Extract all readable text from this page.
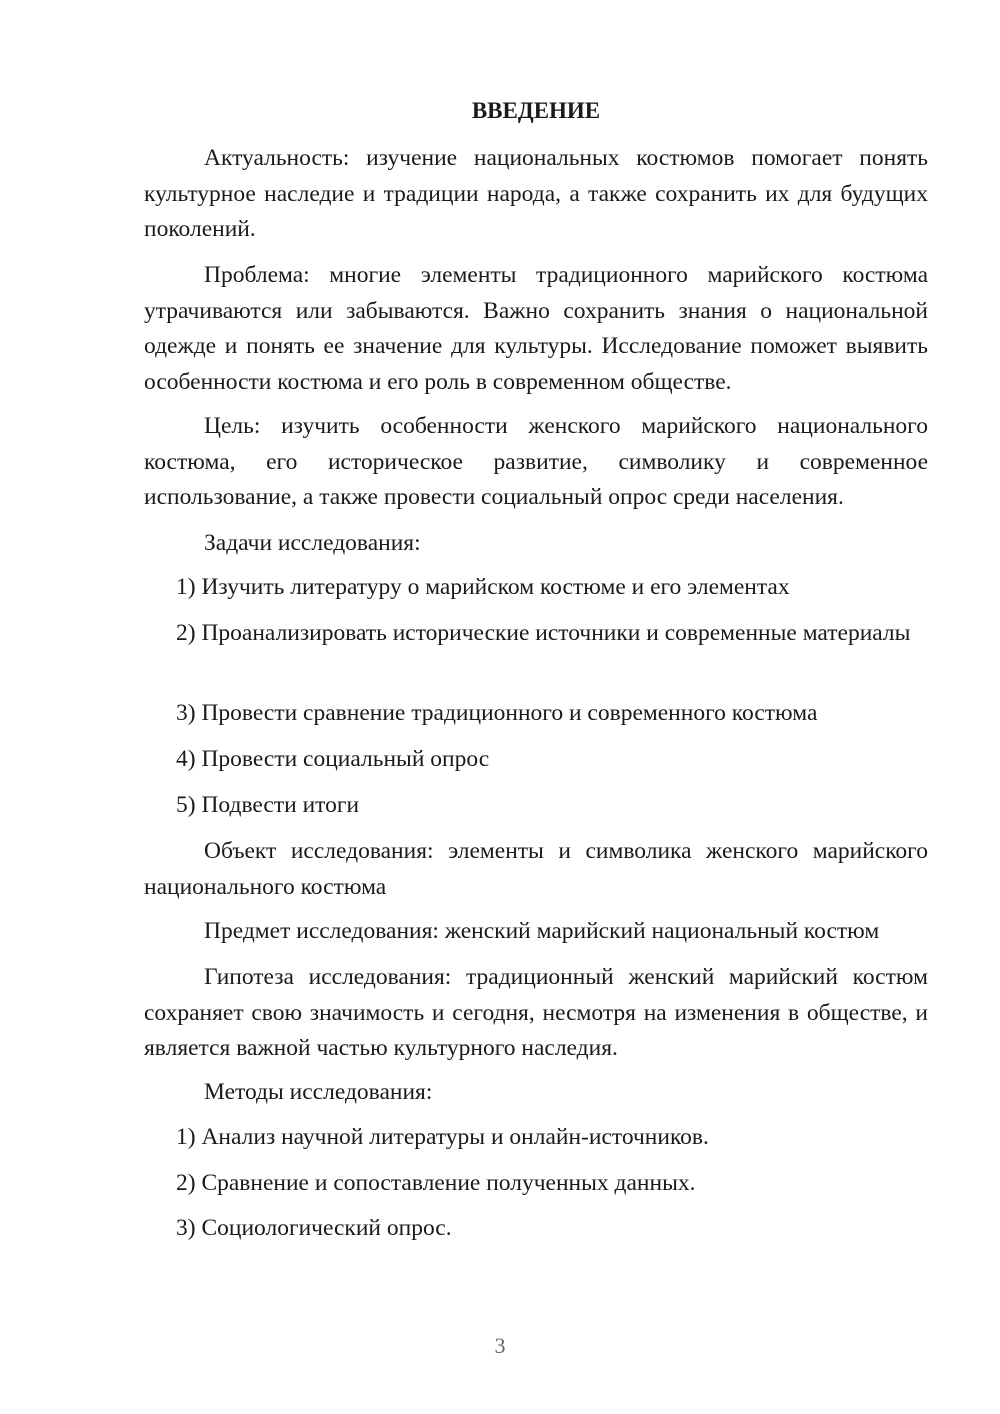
ВВЕДЕНИЕ

Актуальность: изучение национальных костюмов помогает понять культурное наследие и традиции народа, а также сохранить их для будущих поколений.

Проблема: многие элементы традиционного марийского костюма утрачиваются или забываются. Важно сохранить знания о национальной одежде и понять ее значение для культуры. Исследование поможет выявить особенности костюма и его роль в современном обществе.

Цель: изучить особенности женского марийского национального костюма, его историческое развитие, символику и современное использование, а также провести социальный опрос среди населения.

Задачи исследования:

1) Изучить литературу о марийском костюме и его элементах

2) Проанализировать исторические источники и современные материалы

3) Провести сравнение традиционного и современного костюма

4) Провести социальный опрос

5) Подвести итоги

Объект исследования: элементы и символика женского марийского национального костюма

Предмет исследования: женский марийский национальный костюм

Гипотеза исследования: традиционный женский марийский костюм сохраняет свою значимость и сегодня, несмотря на изменения в обществе, и является важной частью культурного наследия.

Методы исследования:

1) Анализ научной литературы и онлайн-источников.

2) Сравнение и сопоставление полученных данных.

3) Социологический опрос.

3
